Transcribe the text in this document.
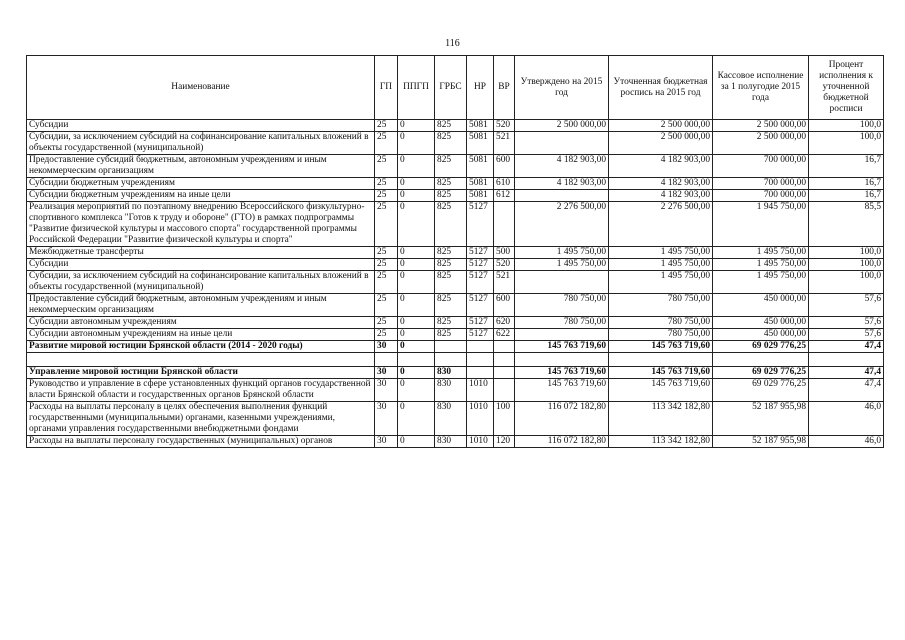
116
Наименование	ГП	ППГП	ГРБС	НР	ВР	Утверждено на 2015 год	Уточненная бюджетная роспись на 2015 год	Кассовое исполнение за 1 полугодие 2015 года	Процент исполнения к уточненной бюджетной росписи
Субсидии	25	0	825	5081	520	2 500 000,00	2 500 000,00	2 500 000,00	100,0
Субсидии, за исключением субсидий на софинансирование капитальных вложений в объекты государственной (муниципальной)	25	0	825	5081	521		2 500 000,00	2 500 000,00	100,0
Предоставление субсидий бюджетным, автономным учреждениям и иным некоммерческим организациям	25	0	825	5081	600	4 182 903,00	4 182 903,00	700 000,00	16,7
Субсидии бюджетным учреждениям	25	0	825	5081	610	4 182 903,00	4 182 903,00	700 000,00	16,7
Субсидии бюджетным учреждениям на иные цели	25	0	825	5081	612		4 182 903,00	700 000,00	16,7
Реализация мероприятий по поэтапному внедрению Всероссийского физкультурно-спортивного комплекса "Готов к труду и обороне" (ГТО) в рамках подпрограммы "Развитие физической культуры и массового спорта" государственной программы Российской Федерации "Развитие физической культуры и спорта"	25	0	825	5127		2 276 500,00	2 276 500,00	1 945 750,00	85,5
Межбюджетные трансферты	25	0	825	5127	500	1 495 750,00	1 495 750,00	1 495 750,00	100,0
Субсидии	25	0	825	5127	520	1 495 750,00	1 495 750,00	1 495 750,00	100,0
Субсидии, за исключением субсидий на софинансирование капитальных вложений в объекты государственной (муниципальной)	25	0	825	5127	521		1 495 750,00	1 495 750,00	100,0
Предоставление субсидий бюджетным, автономным учреждениям и иным некоммерческим организациям	25	0	825	5127	600	780 750,00	780 750,00	450 000,00	57,6
Субсидии автономным учреждениям	25	0	825	5127	620	780 750,00	780 750,00	450 000,00	57,6
Субсидии автономным учреждениям на иные цели	25	0	825	5127	622		780 750,00	450 000,00	57,6
Развитие мировой юстиции Брянской области (2014 - 2020 годы)	30	0				145 763 719,60	145 763 719,60	69 029 776,25	47,4

Управление мировой юстиции Брянской области	30	0	830			145 763 719,60	145 763 719,60	69 029 776,25	47,4
Руководство и управление в сфере установленных функций органов государственной власти Брянской области и государственных органов Брянской области	30	0	830	1010		145 763 719,60	145 763 719,60	69 029 776,25	47,4
Расходы на выплаты персоналу в целях обеспечения выполнения функций государственными (муниципальными) органами, казенными учреждениями, органами управления государственными внебюджетными фондами	30	0	830	1010	100	116 072 182,80	113 342 182,80	52 187 955,98	46,0
Расходы на выплаты персоналу государственных (муниципальных) органов	30	0	830	1010	120	116 072 182,80	113 342 182,80	52 187 955,98	46,0
